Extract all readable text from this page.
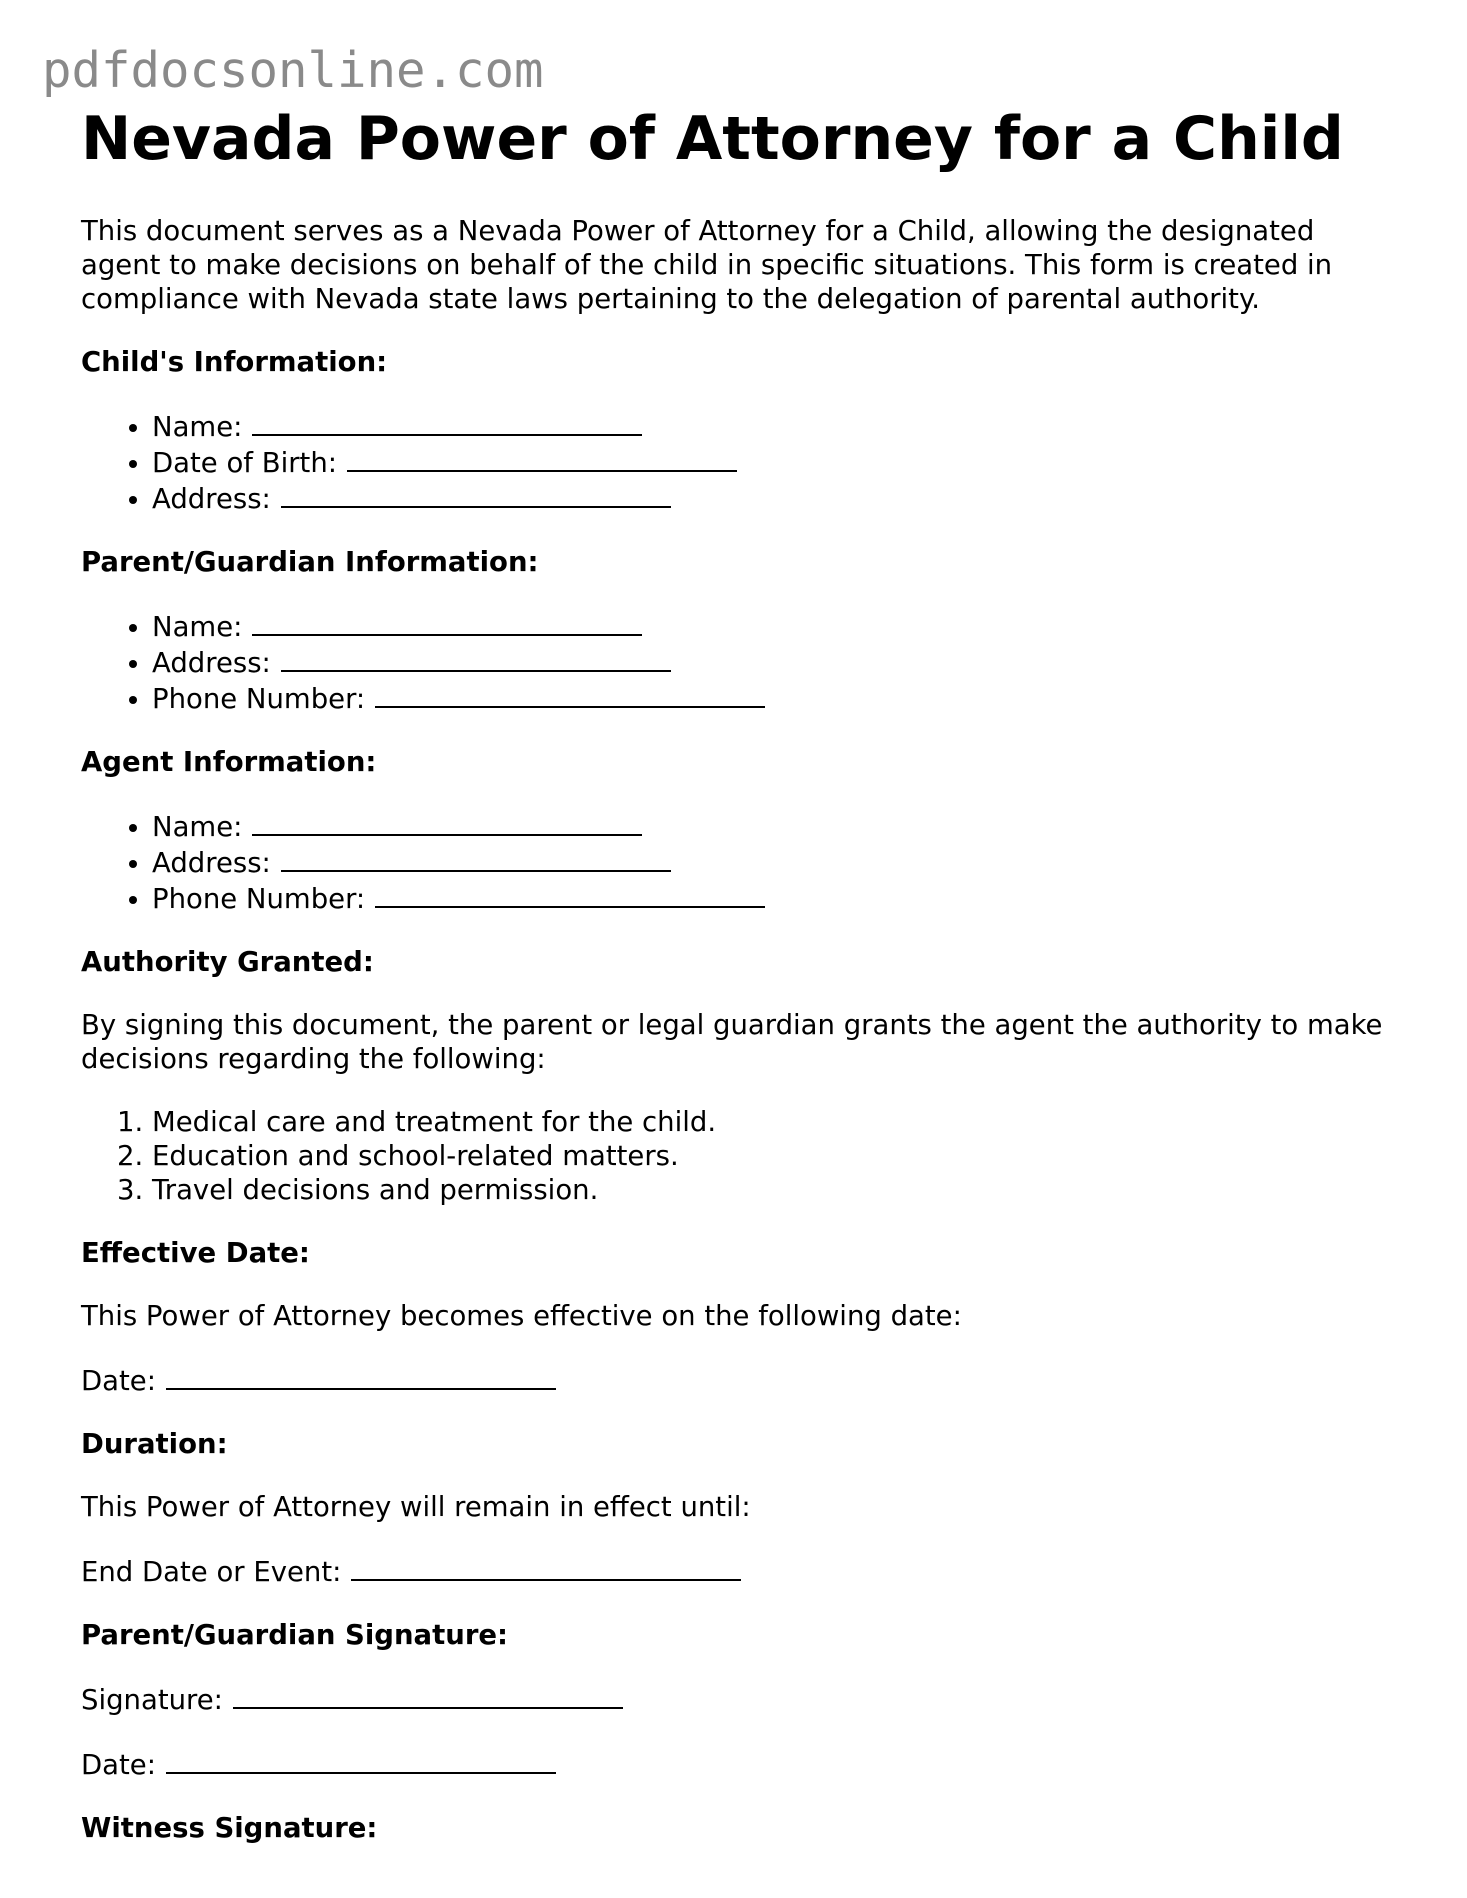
pdfdocsonline.com
Nevada Power of Attorney for a Child

This document serves as a Nevada Power of Attorney for a Child, allowing the designated agent to make decisions on behalf of the child in specific situations. This form is created in compliance with Nevada state laws pertaining to the delegation of parental authority.

Child's Information:
• Name:
• Date of Birth:
• Address:
Parent/Guardian Information:
• Name:
• Address:
• Phone Number:
Agent Information:
• Name:
• Address:
• Phone Number:
Authority Granted:

By signing this document, the parent or legal guardian grants the agent the authority to make decisions regarding the following:

1. Medical care and treatment for the child.
2. Education and school-related matters.
3. Travel decisions and permission.
Effective Date:

This Power of Attorney becomes effective on the following date:

Date:

Duration:

This Power of Attorney will remain in effect until:

End Date or Event:

Parent/Guardian Signature:

Signature:

Date:

Witness Signature:
